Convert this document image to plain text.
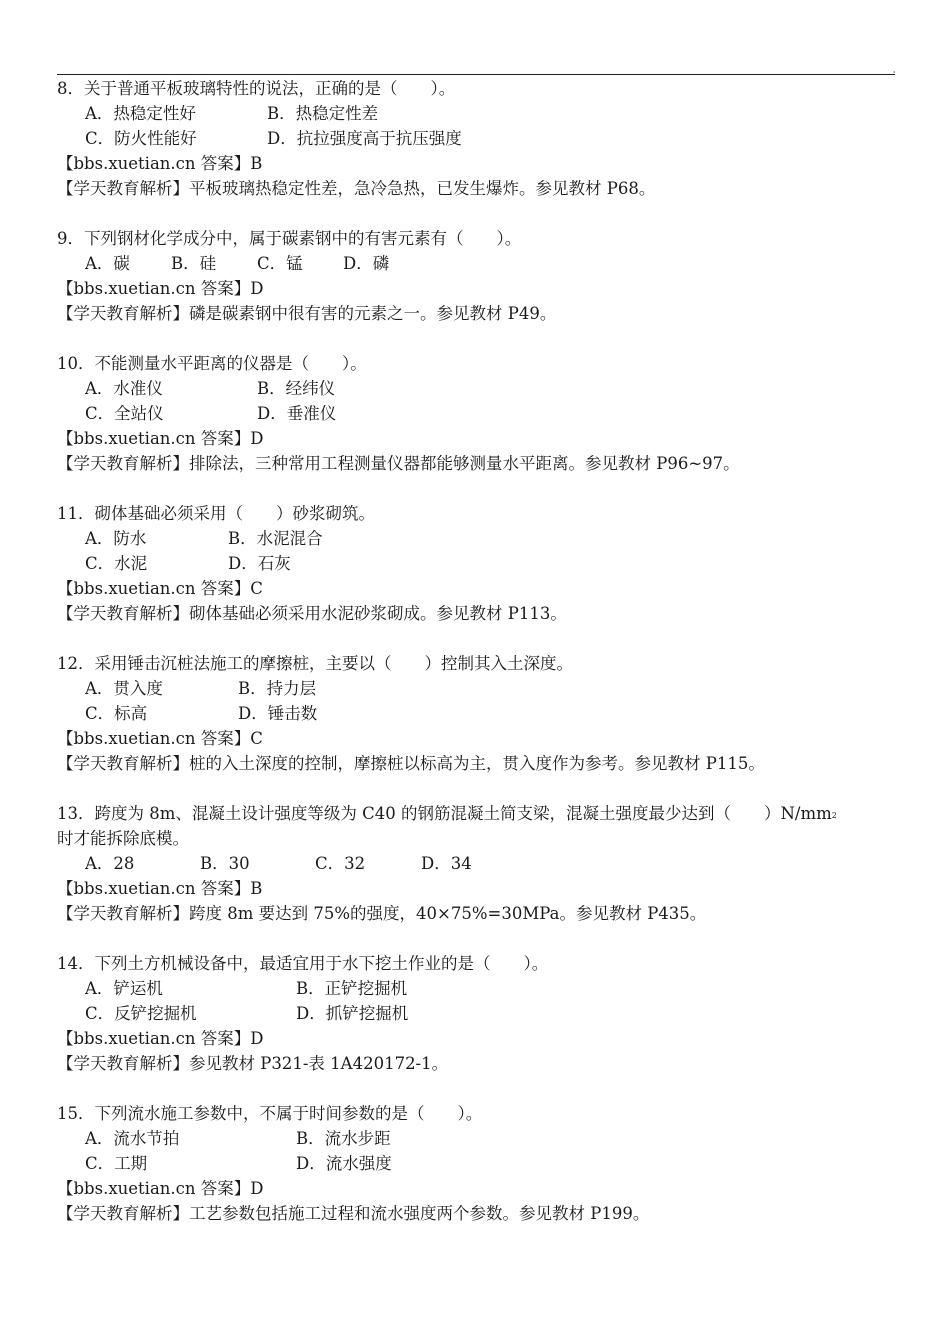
'
8．关于普通平板玻璃特性的说法，正确的是（　　）。
A．热稳定性好	B．热稳定性差
C．防火性能好	D．抗拉强度高于抗压强度
【bbs.xuetian.cn 答案】B
【学天教育解析】平板玻璃热稳定性差，急冷急热，已发生爆炸。参见教材 P68。
9．下列钢材化学成分中，属于碳素钢中的有害元素有（　　）。
A．碳 B．硅 C．锰 D．磷
【bbs.xuetian.cn 答案】D
【学天教育解析】磷是碳素钢中很有害的元素之一。参见教材 P49。
10．不能测量水平距离的仪器是（　　）。
A．水准仪	B．经纬仪
C．全站仪	D．垂准仪
【bbs.xuetian.cn 答案】D
【学天教育解析】排除法，三种常用工程测量仪器都能够测量水平距离。参见教材 P96~97。
11．砌体基础必须采用（　　）砂浆砌筑。
A．防水	B．水泥混合
C．水泥	D．石灰
【bbs.xuetian.cn 答案】C
【学天教育解析】砌体基础必须采用水泥砂浆砌成。参见教材 P113。
12．采用锤击沉桩法施工的摩擦桩，主要以（　　）控制其入土深度。
A．贯入度	B．持力层
C．标高	D．锤击数
【bbs.xuetian.cn 答案】C
【学天教育解析】桩的入土深度的控制，摩擦桩以标高为主，贯入度作为参考。参见教材 P115。
13．跨度为 8m、混凝土设计强度等级为 C40 的钢筋混凝土简支梁，混凝土强度最少达到（　　）N/mm2
时才能拆除底模。
A．28	B．30	C．32	D．34
【bbs.xuetian.cn 答案】B
【学天教育解析】跨度 8m 要达到 75%的强度，40×75%=30MPa。参见教材 P435。
14．下列土方机械设备中，最适宜用于水下挖土作业的是（　　）。
A．铲运机	B．正铲挖掘机
C．反铲挖掘机	D．抓铲挖掘机
【bbs.xuetian.cn 答案】D
【学天教育解析】参见教材 P321-表 1A420172-1。
15．下列流水施工参数中，不属于时间参数的是（　　）。
A．流水节拍	B．流水步距
C．工期	D．流水强度
【bbs.xuetian.cn 答案】D
【学天教育解析】工艺参数包括施工过程和流水强度两个参数。参见教材 P199。
